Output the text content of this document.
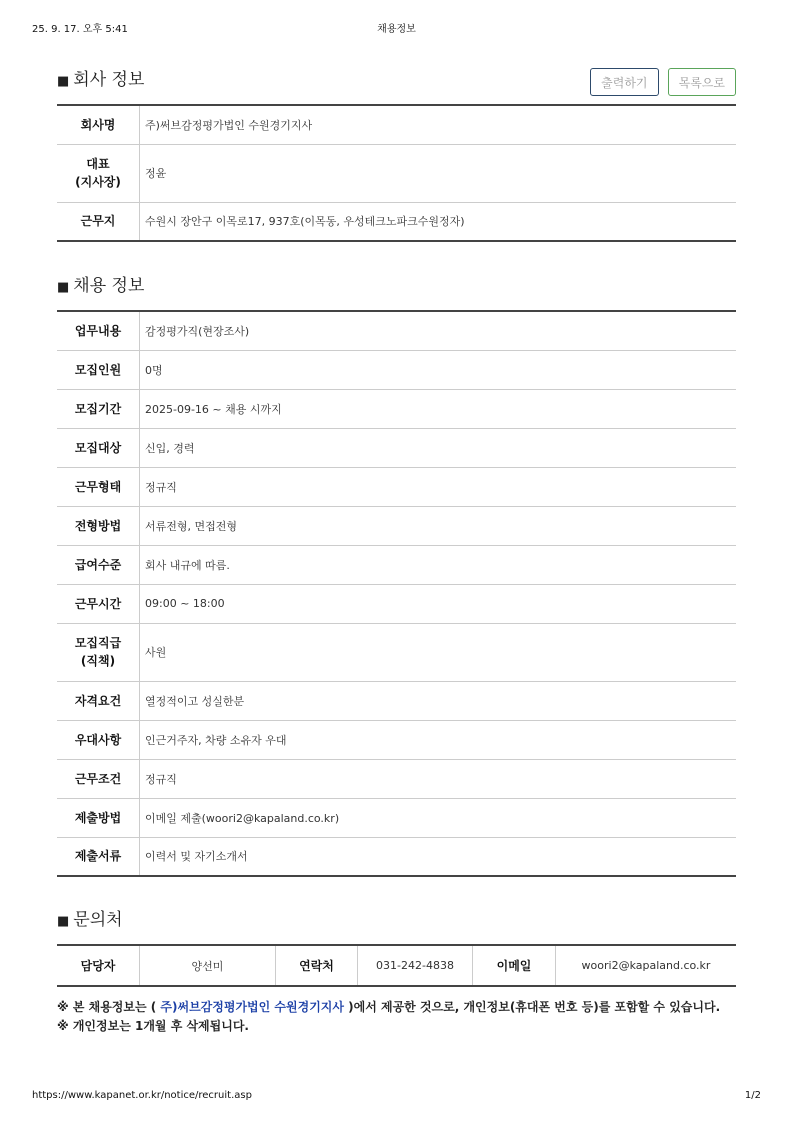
25. 9. 17. 오후 5:41	채용정보
■ 회사 정보	출력하기	목록으로
회사명	주)써브감정평가법인 수원경기지사
대표
(지사장)	정윤
근무지	수원시 장안구 이목로17, 937호(이목동, 우성테크노파크수원정자)
■ 채용 정보
업무내용	감정평가직(현장조사)
모집인원	0명
모집기간	2025-09-16 ~ 채용 시까지
모집대상	신입, 경력
근무형태	정규직
전형방법	서류전형, 면접전형
급여수준	회사 내규에 따름.
근무시간	09:00 ~ 18:00
모집직급
(직책)	사원
자격요건	열정적이고 성실한분
우대사항	인근거주자, 차량 소유자 우대
근무조건	정규직
제출방법	이메일 제출(woori2@kapaland.co.kr)
제출서류	이력서 및 자기소개서
■ 문의처
담당자	양선미	연락처	031-242-4838	이메일	woori2@kapaland.co.kr
※ 본 채용정보는 ( 주)써브감정평가법인 수원경기지사 )에서 제공한 것으로, 개인정보(휴대폰 번호 등)를 포함할 수 있습니다.
※ 개인정보는 1개월 후 삭제됩니다.
https://www.kapanet.or.kr/notice/recruit.asp	1/2
